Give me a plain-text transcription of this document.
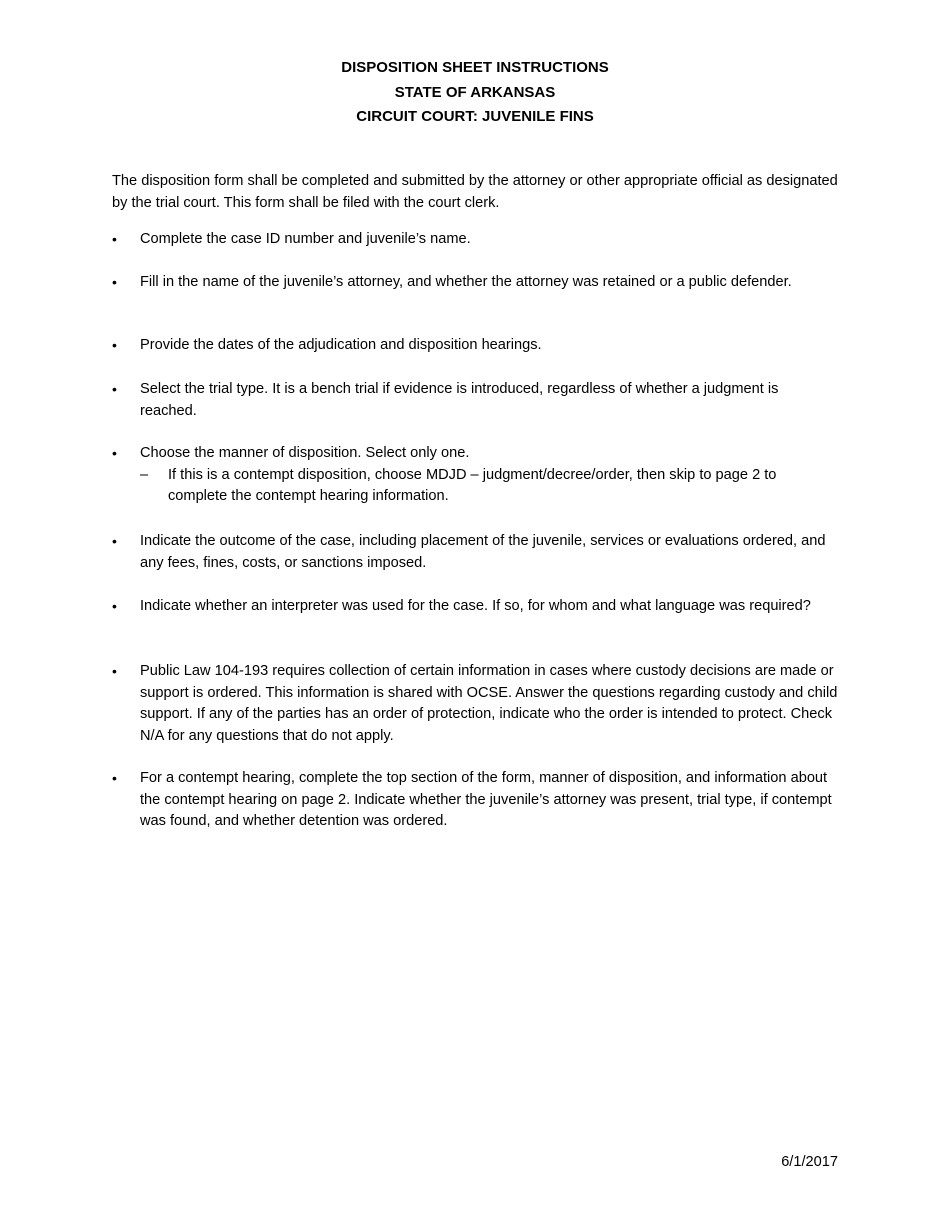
DISPOSITION SHEET INSTRUCTIONS
STATE OF ARKANSAS
CIRCUIT COURT: JUVENILE FINS
The disposition form shall be completed and submitted by the attorney or other appropriate official as designated by the trial court. This form shall be filed with the court clerk.
•	Complete the case ID number and juvenile’s name.
•	Fill in the name of the juvenile’s attorney, and whether the attorney was retained or a public defender.
•	Provide the dates of the adjudication and disposition hearings.
•	Select the trial type. It is a bench trial if evidence is introduced, regardless of whether a judgment is reached.
•	Choose the manner of disposition. Select only one.
–	If this is a contempt disposition, choose MDJD – judgment/decree/order, then skip to page 2 to complete the contempt hearing information.
•	Indicate the outcome of the case, including placement of the juvenile, services or evaluations ordered, and any fees, fines, costs, or sanctions imposed.
•	Indicate whether an interpreter was used for the case. If so, for whom and what language was required?
•	Public Law 104-193 requires collection of certain information in cases where custody decisions are made or support is ordered. This information is shared with OCSE. Answer the questions regarding custody and child support. If any of the parties has an order of protection, indicate who the order is intended to protect. Check N/A for any questions that do not apply.
•	For a contempt hearing, complete the top section of the form, manner of disposition, and information about the contempt hearing on page 2. Indicate whether the juvenile’s attorney was present, trial type, if contempt was found, and whether detention was ordered.
6/1/2017
